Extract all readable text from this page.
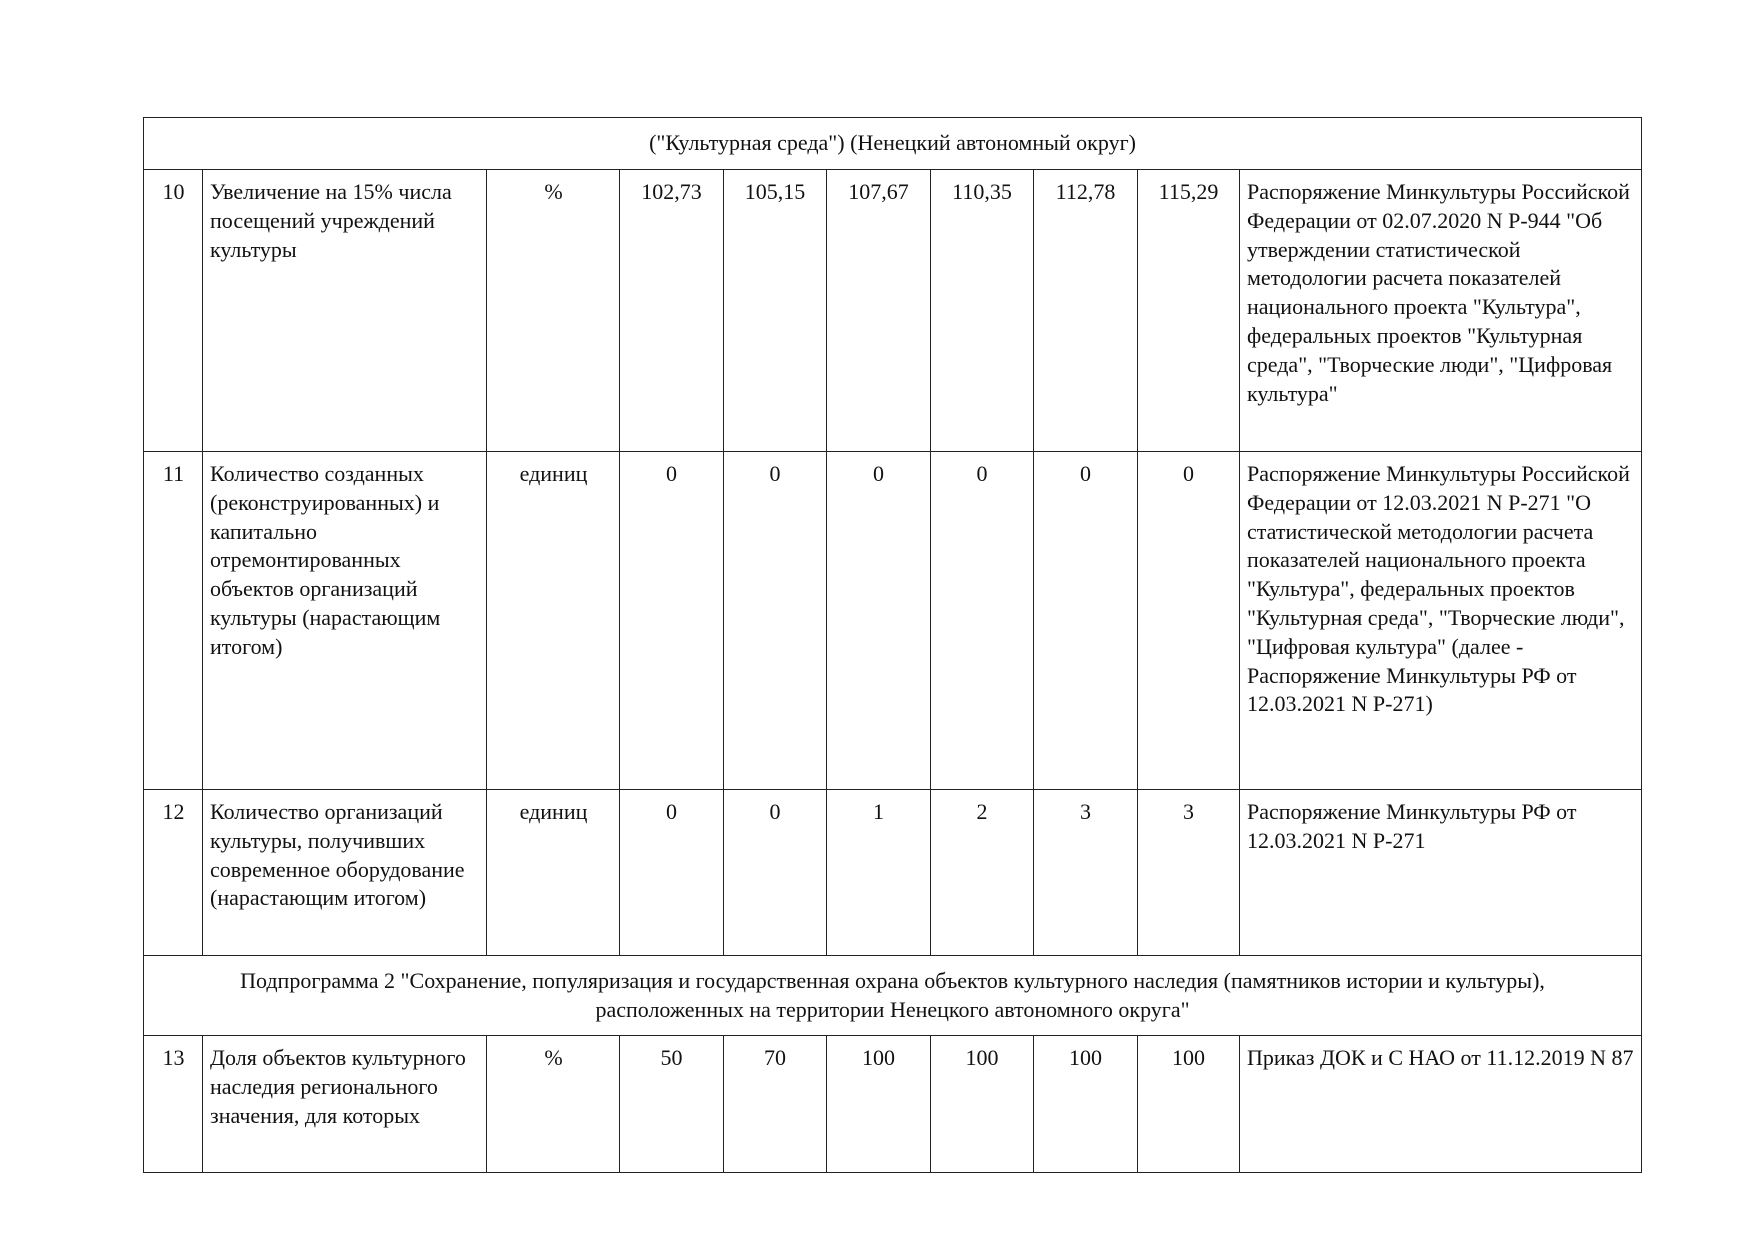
("Культурная среда") (Ненецкий автономный округ)									
10	Увеличение на 15% числа посещений учреждений культуры	%	102,73	105,15	107,67	110,35	112,78	115,29	Распоряжение Минкультуры Российской Федерации от 02.07.2020 N Р-944 "Об утверждении статистической методологии расчета показателей национального проекта "Культура", федеральных проектов "Культурная среда", "Творческие люди", "Цифровая культура"
11	Количество созданных (реконструированных) и капитально отремонтированных объектов организаций культуры (нарастающим итогом)	единиц	0	0	0	0	0	0	Распоряжение Минкультуры Российской Федерации от 12.03.2021 N Р-271 "О статистической методологии расчета показателей национального проекта "Культура", федеральных проектов "Культурная среда", "Творческие люди", "Цифровая культура" (далее - Распоряжение Минкультуры РФ от 12.03.2021 N Р-271)
12	Количество организаций культуры, получивших современное оборудование (нарастающим итогом)	единиц	0	0	1	2	3	3	Распоряжение Минкультуры РФ от 12.03.2021 N Р-271
Подпрограмма 2 "Сохранение, популяризация и государственная охрана объектов культурного наследия (памятников истории и культуры), расположенных на территории Ненецкого автономного округа"									
13	Доля объектов культурного наследия регионального значения, для которых	%	50	70	100	100	100	100	Приказ ДОК и С НАО от 11.12.2019 N 87
